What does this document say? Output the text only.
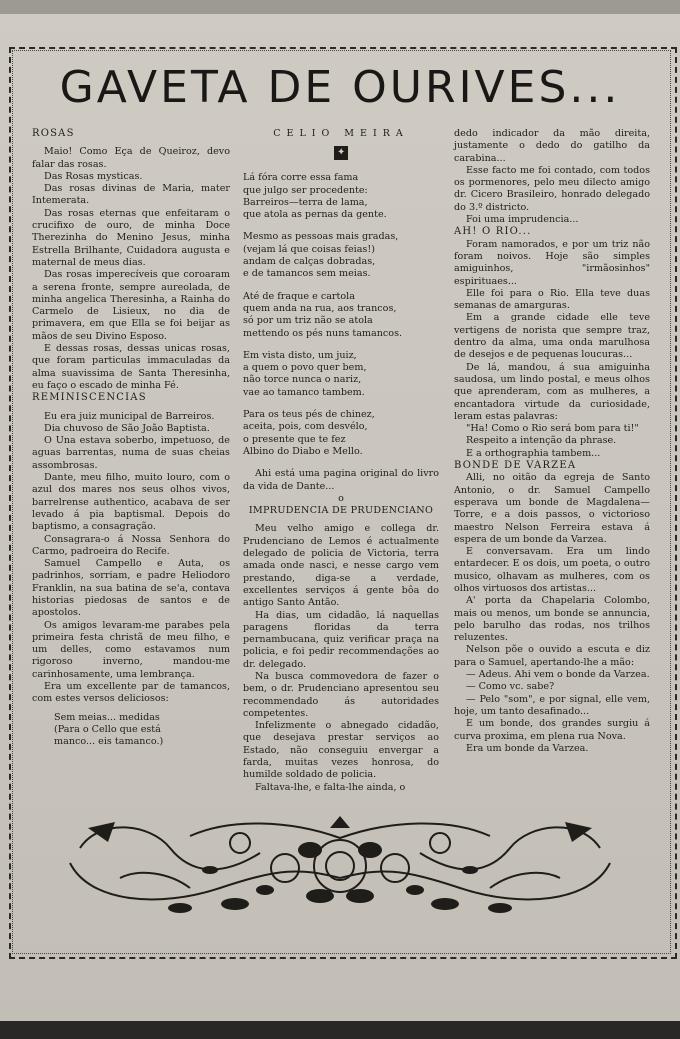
GAVETA DE OURIVES...

ROSAS

Maio! Como Eça de Queiroz, devo falar das rosas.

Das Rosas mysticas.

Das rosas divinas de Maria, mater Intemerata.

Das rosas eternas que enfeitaram o crucifixo de ouro, de minha Doce Therezinha do Menino Jesus, minha Estrella Brilhante, Cuidadora augusta e maternal de meus dias.

Das rosas imperecíveis que coroaram a serena fronte, sempre aureolada, de minha angelica Theresinha, a Rainha do Carmelo de Lisieux, no dia de primavera, em que Ella se foi beijar as mãos de seu Divino Esposo.

E dessas rosas, dessas unicas rosas, que foram particulas immaculadas da alma suavissima de Santa Theresinha, eu faço o escado de minha Fé.

REMINISCENCIAS

Eu era juiz municipal de Barreiros.

Dia chuvoso de São João Baptista.

O Una estava soberbo, impetuoso, de aguas barrentas, numa de suas cheias assombrosas.

Dante, meu filho, muito louro, com o azul dos mares nos seus olhos vivos, barrelrense authentico, acabava de ser levado á pia baptismal. Depois do baptismo, a consagração.

Consagrara-o á Nossa Senhora do Carmo, padroeira do Recife.

Samuel Campello e Auta, os padrinhos, sorriam, e padre Heliodoro Franklin, na sua batina de se'a, contava historias piedosas de santos e de apostolos.

Os amigos levaram-me parabes pela primeira festa christã de meu filho, e um delles, como estavamos num rigoroso inverno, mandou-me carinhosamente, uma lembrança.

Era um excellente par de tamancos, com estes versos deliciosos:

Sem meias... medidas

(Para o Cello que está

manco... eis tamanco.)

CELIO MEIRA

✦

Lá fóra corre essa fama

que julgo ser procedente:

Barreiros—terra de lama,

que atola as pernas da gente.

Mesmo as pessoas mais gradas,

(vejam lá que coisas feias!)

andam de calças dobradas,

e de tamancos sem meias.

Até de fraque e cartola

quem anda na rua, aos trancos,

só por um triz não se atola

mettendo os pés nuns tamancos.

Em vista disto, um juiz,

a quem o povo quer bem,

não torce nunca o nariz,

vae ao tamanco tambem.

Para os teus pés de chinez,

aceita, pois, com desvélo,

o presente que te fez

Albino do Diabo e Mello.

Ahi está uma pagina original do livro da vida de Dante...

o

IMPRUDENCIA DE PRUDENCIANO

Meu velho amigo e collega dr. Prudenciano de Lemos é actualmente delegado de policia de Victoria, terra amada onde nasci, e nesse cargo vem prestando, diga-se a verdade, excellentes serviços á gente bôa do antigo Santo Antão.

Ha dias, um cidadão, lá naquellas paragens floridas da terra pernambucana, quiz verificar praça na policia, e foi pedir recommendações ao dr. delegado.

Na busca commovedora de fazer o bem, o dr. Prudenciano apresentou seu recommendado ás autoridades competentes.

Infelizmente o abnegado cidadão, que desejava prestar serviços ao Estado, não conseguiu envergar a farda, muitas vezes honrosa, do humilde soldado de policia.

Faltava-lhe, e falta-lhe ainda, o

dedo indicador da mão direita, justamente o dedo do gatilho da carabina...

Esse facto me foi contado, com todos os pormenores, pelo meu dilecto amigo dr. Cicero Brasileiro, honrado delegado do 3.º districto.

Foi uma imprudencia...

AH! O RIO...

Foram namorados, e por um triz não foram noivos. Hoje são simples amiguinhos, "irmãosinhos" espirituaes...

Elle foi para o Rio. Ella teve duas semanas de amarguras.

Em a grande cidade elle teve vertigens de norista que sempre traz, dentro da alma, uma onda marulhosa de desejos e de pequenas loucuras...

De lá, mandou, á sua amiguinha saudosa, um lindo postal, e meus olhos que aprenderam, com as mulheres, a encantadora virtude da curiosidade, leram estas palavras:

"Ha! Como o Rio será bom para ti!"

Respeito a intenção da phrase.

E a orthographia tambem...

BONDE DE VARZEA

Alli, no oitão da egreja de Santo Antonio, o dr. Samuel Campello esperava um bonde de Magdalena—Torre, e a dois passos, o victorioso maestro Nelson Ferreira estava á espera de um bonde da Varzea.

E conversavam. Era um lindo entardecer. E os dois, um poeta, o outro musico, olhavam as mulheres, com os olhos virtuosos dos artistas...

A' porta da Chapelaria Colombo, mais ou menos, um bonde se annuncia, pelo barulho das rodas, nos trilhos reluzentes.

Nelson põe o ouvido a escuta e diz para o Samuel, apertando-lhe a mão:

— Adeus. Ahi vem o bonde da Varzea.

— Como vc. sabe?

— Pelo "som", e por signal, elle vem, hoje, um tanto desafinado...

E um bonde, dos grandes surgiu á curva proxima, em plena rua Nova.

Era um bonde da Varzea.
